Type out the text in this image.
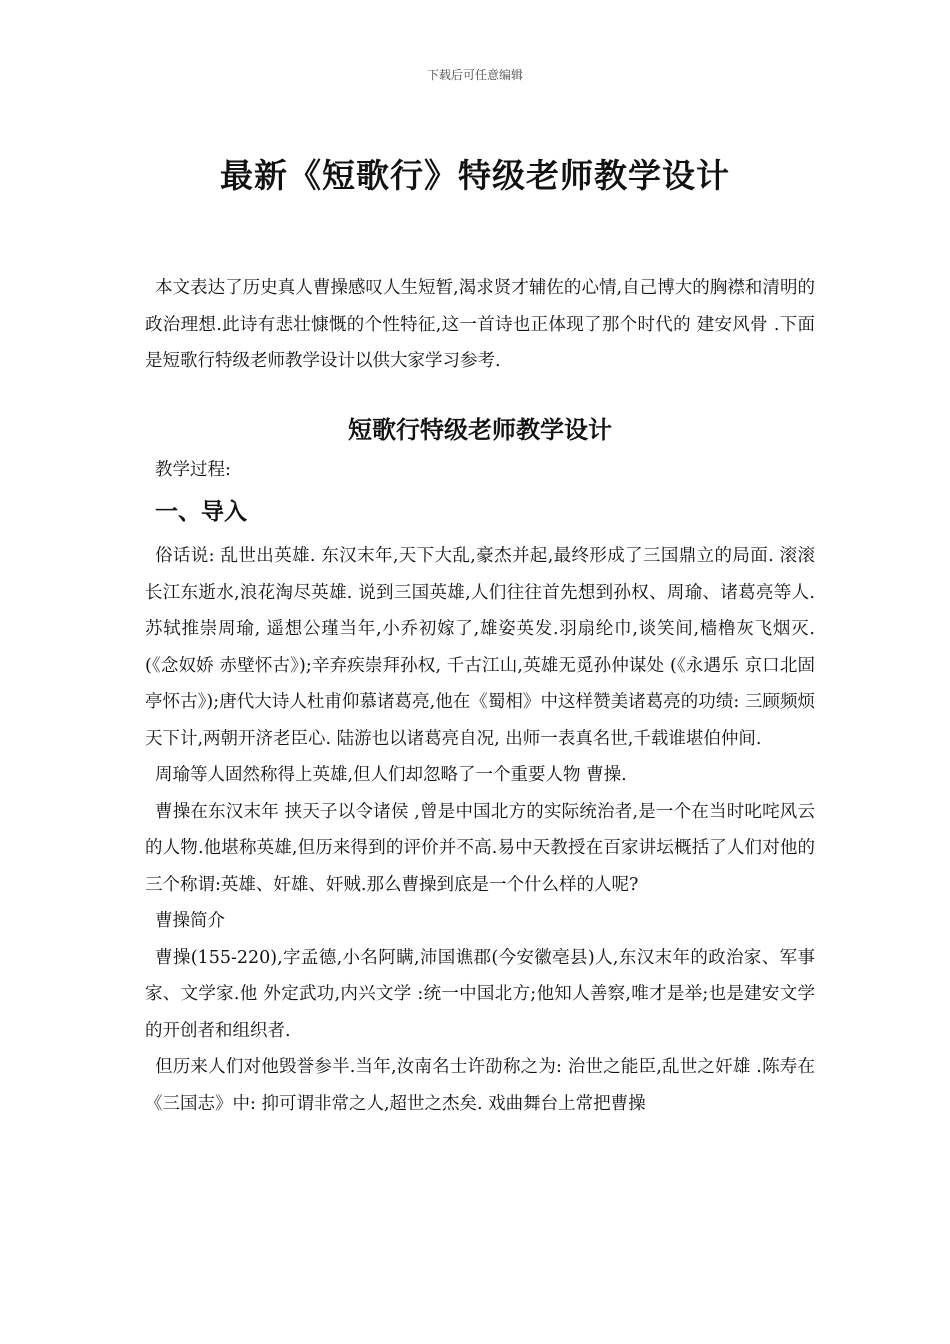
下载后可任意编辑
最新《短歌行》特级老师教学设计

本文表达了历史真人曹操感叹人生短暂,渴求贤才辅佐的心情,自己博大的胸襟和清明的政治理想.此诗有悲壮慷慨的个性特征,这一首诗也正体现了那个时代的 建安风骨 .下面是短歌行特级老师教学设计以供大家学习参考.

短歌行特级老师教学设计

教学过程:

一、导入

俗话说: 乱世出英雄. 东汉末年,天下大乱,豪杰并起,最终形成了三国鼎立的局面. 滚滚长江东逝水,浪花淘尽英雄. 说到三国英雄,人们往往首先想到孙权、周瑜、诸葛亮等人.苏轼推崇周瑜, 遥想公瑾当年,小乔初嫁了,雄姿英发.羽扇纶巾,谈笑间,樯橹灰飞烟灭. (《念奴娇 赤壁怀古》);辛弃疾崇拜孙权, 千古江山,英雄无觅孙仲谋处 (《永遇乐 京口北固亭怀古》);唐代大诗人杜甫仰慕诸葛亮,他在《蜀相》中这样赞美诸葛亮的功绩: 三顾频烦天下计,两朝开济老臣心. 陆游也以诸葛亮自况, 出师一表真名世,千载谁堪伯仲间.

周瑜等人固然称得上英雄,但人们却忽略了一个重要人物 曹操.

曹操在东汉末年 挟天子以令诸侯 ,曾是中国北方的实际统治者,是一个在当时叱咤风云的人物.他堪称英雄,但历来得到的评价并不高.易中天教授在百家讲坛概括了人们对他的三个称谓:英雄、奸雄、奸贼.那么曹操到底是一个什么样的人呢?

曹操简介

曹操(155-220),字孟德,小名阿瞒,沛国谯郡(今安徽亳县)人,东汉末年的政治家、军事家、文学家.他 外定武功,内兴文学 :统一中国北方;他知人善察,唯才是举;也是建安文学的开创者和组织者.

但历来人们对他毁誉参半.当年,汝南名士许劭称之为: 治世之能臣,乱世之奸雄 .陈寿在《三国志》中: 抑可谓非常之人,超世之杰矣. 戏曲舞台上常把曹操
